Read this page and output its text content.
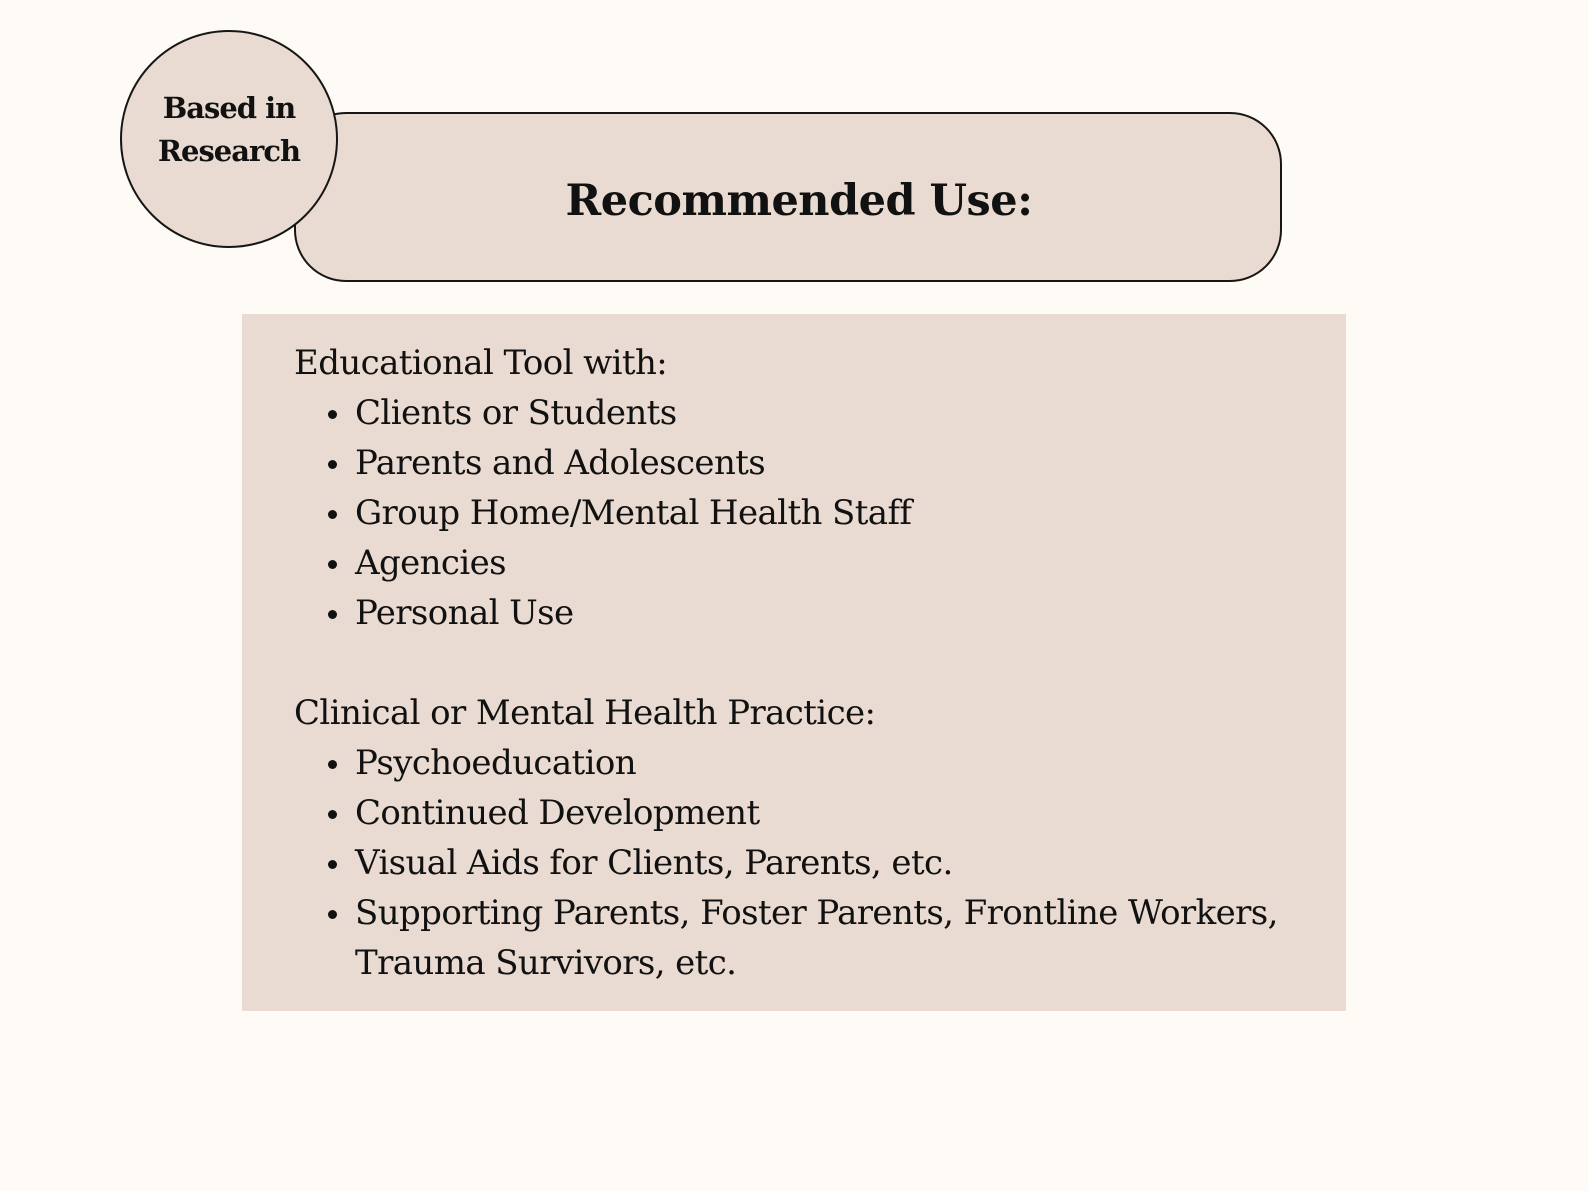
Recommended Use:
Based in
Research

Educational Tool with:

Clients or Students
Parents and Adolescents
Group Home/Mental Health Staff
Agencies
Personal Use

Clinical or Mental Health Practice:

Psychoeducation
Continued Development
Visual Aids for Clients, Parents, etc.
Supporting Parents, Foster Parents, Frontline Workers, Trauma Survivors, etc.
